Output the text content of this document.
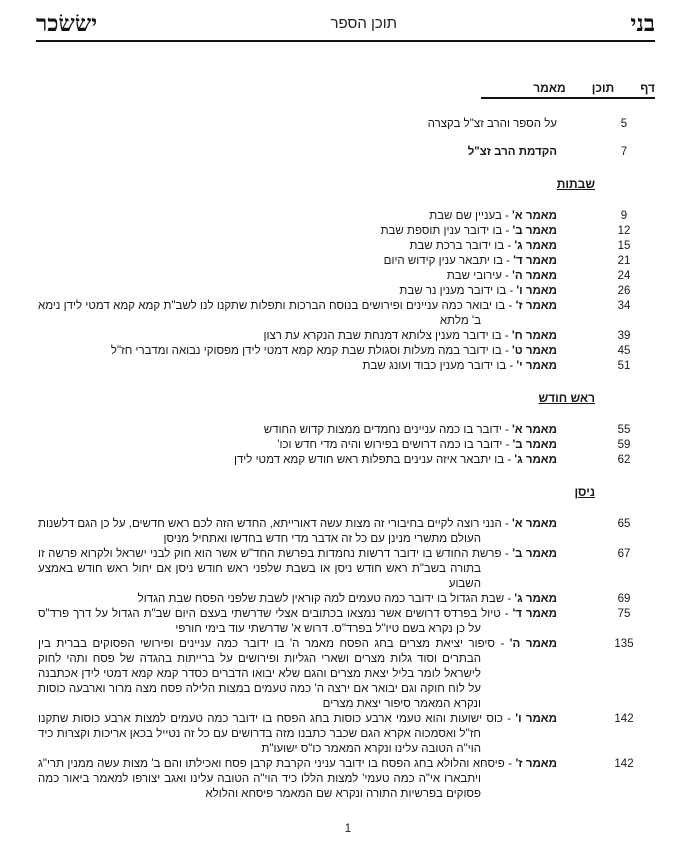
בני
תוכן הספר
ישׂשׂכר
דף
תוכן
מאמר
5
על הספר והרב זצ"ל בקצרה
7
הקדמת הרב זצ"ל
שבתות
9
מאמר א' - בעניין שם שבת
12
מאמר ב' - בו ידובר ענין תוספת שבת
15
מאמר ג' - בו ידובר ברכת שבת
21
מאמר ד' - בו יתבאר ענין קידוש היום
24
מאמר ה' - עירובי שבת
26
מאמר ו' - בו ידובר מענין נר שבת
34
מאמר ז' - בו יבואר כמה עניינים ופירושים בנוסח הברכות ותפלות שתקנו לנו לשב"ת קמא קמא דמטי לידן נימא ב' מלתא
39
מאמר ח' - בו ידובר מענין צלותא דמנחת שבת הנקרא עת רצון
45
מאמר ט' - בו ידובר במה מעלות וסגולת שבת קמא קמא דמטי לידן מפסוקי נבואה ומדברי חז"ל
51
מאמר י' - בו ידובר מענין כבוד ועונג שבת
ראש חודש
55
מאמר א' - ידובר בו כמה עניינים נחמדים ממצות קדוש החודש
59
מאמר ב' - ידובר בו כמה דרושים בפירוש והיה מדי חדש וכו'
62
מאמר ג' - בו יתבאר איזה ענינים בתפלות ראש חודש קמא דמטי לידן
ניסן
65
מאמר א' - הנני רוצה לקיים בחיבורי זה מצות עשה דאורייתא, החדש הזה לכם ראש חדשים, על כן הגם דלשנות העולם מתשרי מנינן עם כל זה אדבר מדי חדש בחדשו ואתחיל מניסן
67
מאמר ב' - פרשת החודש בו ידובר דרשות נחמדות בפרשת החד"ש אשר הוא חוק לבני ישראל ולקרוא פרשה זו בתורה בשב"ת ראש חודש ניסן או בשבת שלפני ראש חודש ניסן אם יחול ראש חודש באמצע השבוע
69
מאמר ג' - שבת הגדול בו ידובר כמה טעמים למה קוראין לשבת שלפני הפסח שבת הגדול
75
מאמר ד' - טיול בפרדס דרושים אשר נמצאו בכתובים אצלי שדרשתי בעצם היום שב"ת הגדול על דרך פרד"ס על כן נקרא בשם טיו"ל בפרד"ס. דרוש א' שדרשתי עוד בימי חורפי
135
מאמר ה' - סיפור יציאת מצרים בחג הפסח מאמר ה' בו ידובר כמה עניינים ופירושי הפסוקים בברית בין הבתרים וסוד גלות מצרים ושארי הגליות ופירושים על ברייתות בהגדה של פסח ותהי לחוק לישראל לומר בליל יצאת מצרים והגם שלא יבואו הדברים כסדר קמא קמא דמטי לידן אכתבנה על לוח חוקה וגם יבואר אם ירצה ה' כמה טעמים במצות הלילה פסח מצה מרור וארבעה כוסות ונקרא המאמר סיפור יצאת מצרים
142
מאמר ו' - כוס ישועות והוא טעמי ארבע כוסות בחג הפסח בו ידובר כמה טעמים למצות ארבע כוסות שתקנו חז"ל ואסמכוה אקרא הגם שכבר כתבנו מזה בדרושים עם כל זה נטייל בכאן אריכות וקצרות כיד הוי"ה הטובה עלינו ונקרא המאמר כו"ס ישועו"ת
142
מאמר ז' - פיסחא והלולא בחג הפסח בו ידובר עניני הקרבת קרבן פסח ואכילתו והם ב' מצות עשה ממנין תרי"ג ויתבארו אי"ה כמה טעמי' למצות הללו כיד הוי"ה הטובה עלינו ואגב יצורפו למאמר ביאור כמה פסוקים בפרשיות התורה ונקרא שם המאמר פיסחא והלולא
1
